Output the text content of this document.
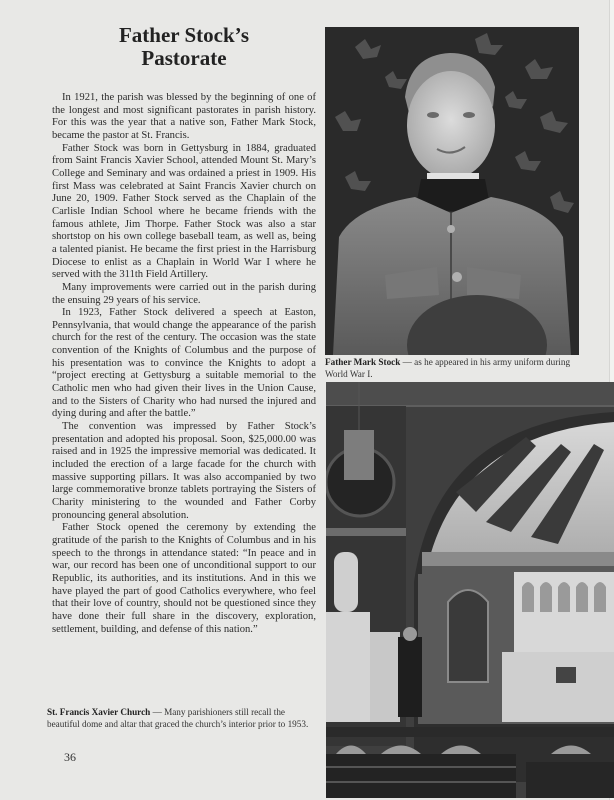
Father Stock’s
Pastorate

In 1921, the parish was blessed by the beginning of one of the longest and most significant pastorates in parish history. For this was the year that a native son, Father Mark Stock, became the pastor at St. Francis.

Father Stock was born in Gettysburg in 1884, graduated from Saint Francis Xavier School, attended Mount St. Mary’s College and Seminary and was ordained a priest in 1909. His first Mass was celebrated at Saint Francis Xavier church on June 20, 1909. Father Stock served as the Chaplain of the Carlisle Indian School where he became friends with the famous athlete, Jim Thorpe. Father Stock was also a star shortstop on his own college baseball team, as well as, being a talented pianist. He became the first priest in the Harrisburg Diocese to enlist as a Chaplain in World War I where he served with the 311th Field Artillery.

Many improvements were carried out in the parish during the ensuing 29 years of his service.

In 1923, Father Stock delivered a speech at Easton, Pennsylvania, that would change the appearance of the parish church for the rest of the century. The occasion was the state convention of the Knights of Columbus and the purpose of his presentation was to convince the Knights to adopt a “project erecting at Gettysburg a suitable memorial to the Catholic men who had given their lives in the Union Cause, and to the Sisters of Charity who had nursed the injured and dying during and after the battle.”

The convention was impressed by Father Stock’s presentation and adopted his proposal. Soon, $25,000.00 was raised and in 1925 the impressive memorial was dedicated. It included the erection of a large facade for the church with massive supporting pillars. It was also accompanied by two large commemorative bronze tablets portraying the Sisters of Charity ministering to the wounded and Father Corby pronouncing general absolution.

Father Stock opened the ceremony by extending the gratitude of the parish to the Knights of Columbus and in his speech to the throngs in attendance stated: “In peace and in war, our record has been one of unconditional support to our Republic, its authorities, and its institutions. And in this we have played the part of good Catholics everywhere, who feel that their love of country, should not be questioned since they have done their full share in the discovery, exploration, settlement, building, and defense of this nation.”

Father Mark Stock — as he appeared in his army uniform during World War I.
St. Francis Xavier Church — Many parishioners still recall the beautiful dome and altar that graced the church’s interior prior to 1953.
36
